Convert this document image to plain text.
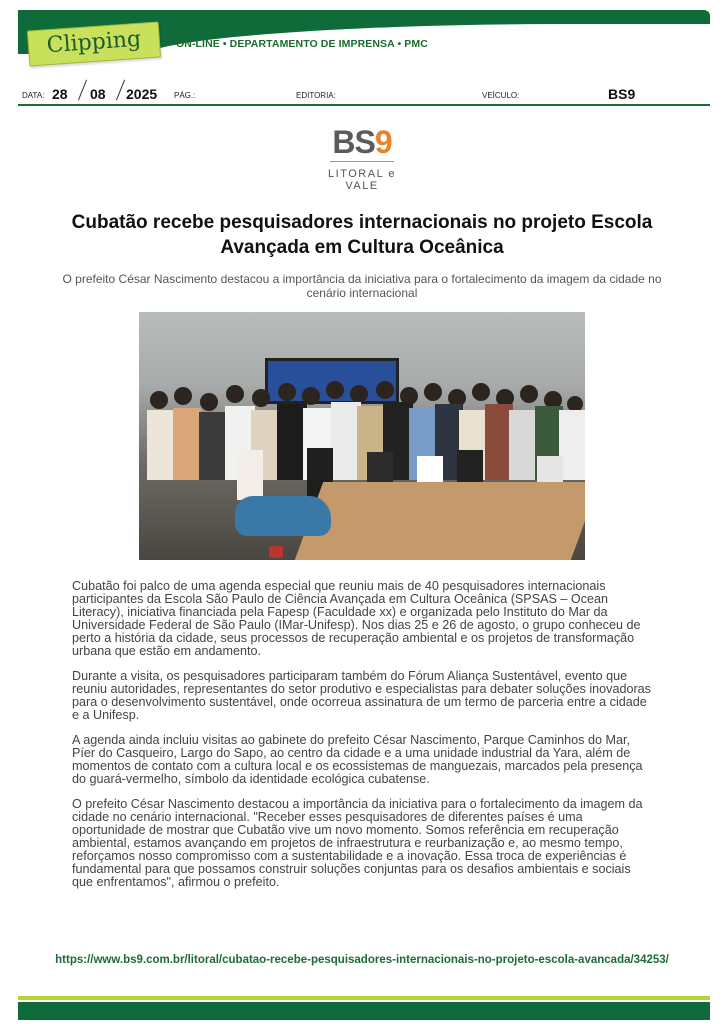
Clipping	ON-LINE • DEPARTAMENTO DE IMPRENSA • PMC
DATA: 28 08 2025 PÁG.:	EDITORIA:	VEÍCULO:	BS9
BS9
LITORAL e VALE
Cubatão recebe pesquisadores internacionais no projeto Escola Avançada em Cultura Oceânica
O prefeito César Nascimento destacou a importância da iniciativa para o fortalecimento da imagem da cidade no cenário internacional

Cubatão foi palco de uma agenda especial que reuniu mais de 40 pesquisadores internacionais participantes da Escola São Paulo de Ciência Avançada em Cultura Oceânica (SPSAS – Ocean Literacy), iniciativa financiada pela Fapesp (Faculdade xx) e organizada pelo Instituto do Mar da Universidade Federal de São Paulo (IMar-Unifesp). Nos dias 25 e 26 de agosto, o grupo conheceu de perto a história da cidade, seus processos de recuperação ambiental e os projetos de transformação urbana que estão em andamento.

Durante a visita, os pesquisadores participaram também do Fórum Aliança Sustentável, evento que reuniu autoridades, representantes do setor produtivo e especialistas para debater soluções inovadoras para o desenvolvimento sustentável, onde ocorreua assinatura de um termo de parceria entre a cidade e a Unifesp.

A agenda ainda incluiu visitas ao gabinete do prefeito César Nascimento, Parque Caminhos do Mar, Píer do Casqueiro, Largo do Sapo, ao centro da cidade e a uma unidade industrial da Yara, além de momentos de contato com a cultura local e os ecossistemas de manguezais, marcados pela presença do guará-vermelho, símbolo da identidade ecológica cubatense.

O prefeito César Nascimento destacou a importância da iniciativa para o fortalecimento da imagem da cidade no cenário internacional. "Receber esses pesquisadores de diferentes países é uma oportunidade de mostrar que Cubatão vive um novo momento. Somos referência em recuperação ambiental, estamos avançando em projetos de infraestrutura e reurbanização e, ao mesmo tempo, reforçamos nosso compromisso com a sustentabilidade e a inovação. Essa troca de experiências é fundamental para que possamos construir soluções conjuntas para os desafios ambientais e sociais que enfrentamos", afirmou o prefeito.

https://www.bs9.com.br/litoral/cubatao-recebe-pesquisadores-internacionais-no-projeto-escola-avancada/34253/
